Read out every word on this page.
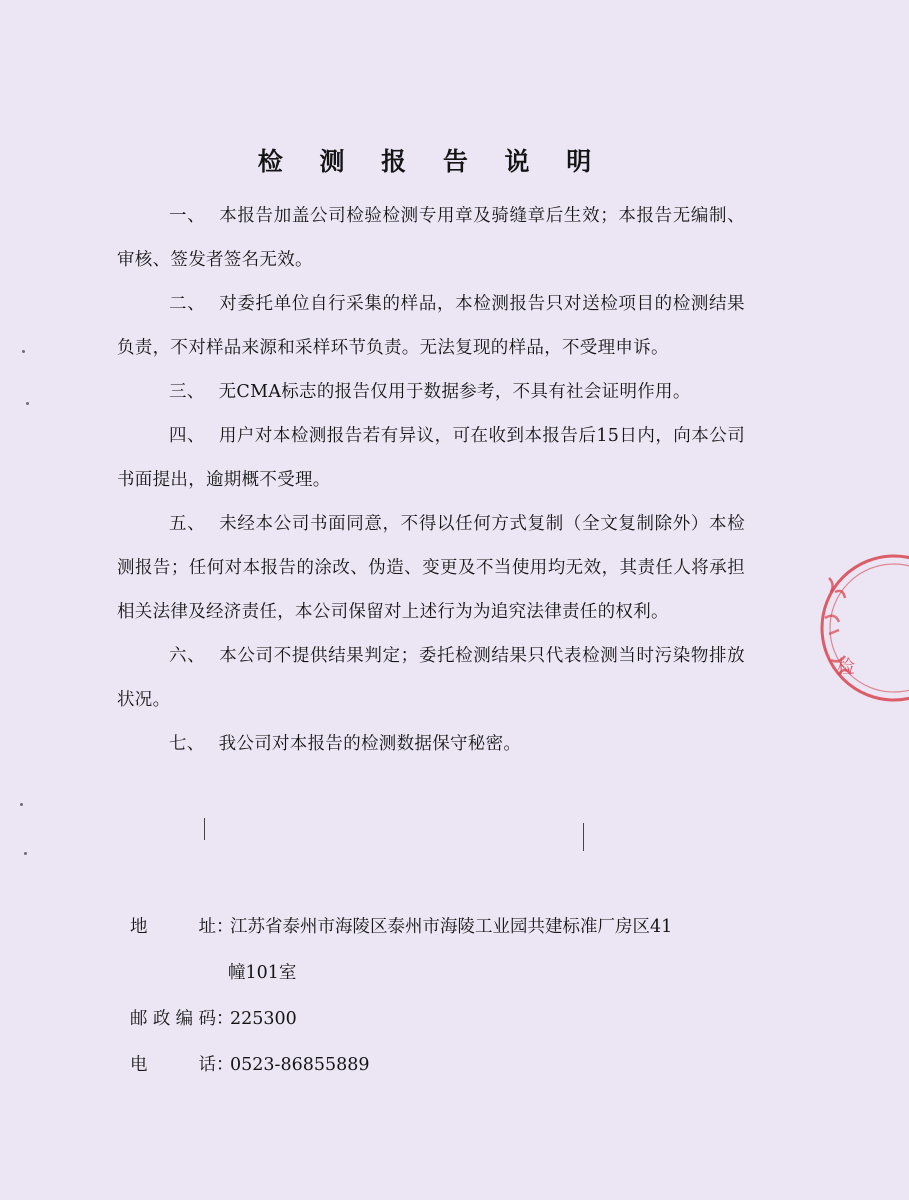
检 测 报 告 说 明

一、 本报告加盖公司检验检测专用章及骑缝章后生效；本报告无编制、审核、签发者签名无效。

二、 对委托单位自行采集的样品，本检测报告只对送检项目的检测结果负责，不对样品来源和采样环节负责。无法复现的样品，不受理申诉。

三、 无CMA标志的报告仅用于数据参考，不具有社会证明作用。

四、 用户对本检测报告若有异议，可在收到本报告后15日内，向本公司书面提出，逾期概不受理。

五、 未经本公司书面同意，不得以任何方式复制（全文复制除外）本检测报告；任何对本报告的涂改、伪造、变更及不当使用均无效，其责任人将承担相关法律及经济责任，本公司保留对上述行为为追究法律责任的权利。

六、 本公司不提供结果判定；委托检测结果只代表检测当时污染物排放状况。

七、 我公司对本报告的检测数据保守秘密。

地址：江苏省泰州市海陵区泰州市海陵工业园共建标准厂房区41
幢101室
邮政编码：225300
电话：0523-86855889
检
